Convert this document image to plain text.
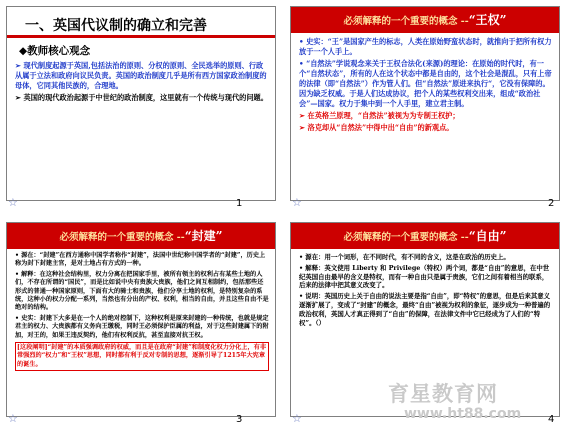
一、英国代议制的确立和完善
◆教师核心观念

➢ 现代制度起源于英国,包括法治的原则、分权的原则、全民选举的原则、行政从属于立法和政府向议民负责。英国的政治制度几乎是所有西方国家政治制度的母体，它同其他民族的，合理地。

➢ 英国的现代政治起源于中世纪的政治制度，这里就有一个传统与现代的问题。

☆	1
必须解释的一个重要的概念 --“王权”

• 史实：“王”是国家产生的标志，人类在原始野蛮状态时，就推向于把所有权力放于一个人手上。

• “自然法”学说观念来关于王权合法化(来源)的理论：在原始的时代时，有一个“自然状态”，所有的人在这个状态中都是自由的，这个社会是混乱，只有上帝的法律（即“自然法”）作为管人们。但“自然法”原进来执行“，它没有保障的。因为缺乏权威。于是人们达成协议，把个人的某些权利交出来，组成“政治社会”—国家。权力于集中到一个人手里，建立君主制。

➢ 在英格兰原理，“自然法”被视为为专制王权护；

➢ 洛克却从“自然法”中得中出“自由”的新观点。

☆	2
必须解释的一个重要的概念 --“封建”

• 源在：“封建”在西方通称中国学者称作“封建”，法国中世纪称中国学者的“封建”，历史上称为封下封建主官，是对土地占有方式的一种。

• 解释：在这种社会结构里，权力分离在把国家手里，被所有领主的权利占有某些土地的人们，不存在所谓的“国民”，而是比如说中央有贵族大贵族，他们之间互相制约，包括那些还形式的普通一种国家原则，下面有大的骑士和贵族，他们分享土地的权利，是特别复杂的系统，这种小的权力分配一系列，当然也有分出的产权、权利，相当的自由，并且这些自由不是绝对的结构。

• 史实：封建下大多是在一个人的绝对控制下，这种权利是原来封建的一种传统，也就是规定君主的权力、大贵族都有义务向王缴税，同时王必须保护臣属的利益，对于这些封建属下的附加，对王的，如果王违反契约，他们有权利反抗，甚至直接对抗王权。

[这段阐明]“封建”的本质强调政府的权威，而且是在政府“封建”和制度化权力分化上，有非常强烈的“权力”和“王权”思想，同时都有利于反对专制的思想，逐渐引导了1215年大宪章的诞生。

☆	3
必须解释的一个重要的概念 --“自由”

• 源在：用一个词形，在不同时代，有不同的含义，这是在政治的历史上。

• 解释：英文使用 Liberty 和 Privilege（特权）两个词，都是“自由”的意思，在中世纪英国自由最早的含义是特权，而有一种自由只是属于贵族，它们之间有着相当的联系，后来的法律中把其意义改变了。

• 说明：英国历史上关于自由的说法主要是指“自由”，即“特权”的意思，但是后来其意义逐渐扩展了，变成了“封建”的概念，最终“自由”被视为权利的象征，逐步成为一种普遍的政治权利，英国人才真正得到了“自由”的保障，在法律文件中它已经成为了人们的“特权”。（）

☆	4
育星教育网
www.ht88.com
